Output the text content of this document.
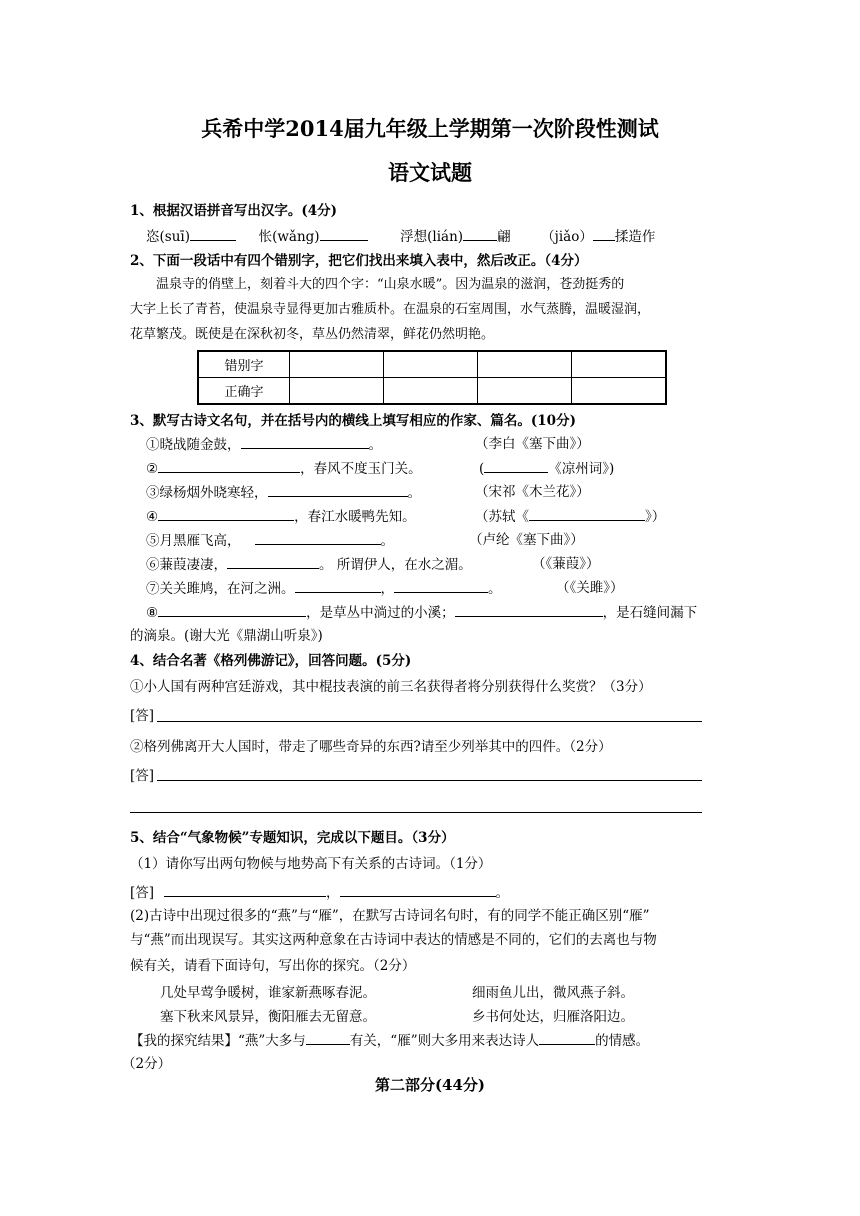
兵希中学2014届九年级上学期第一次阶段性测试
语文试题
1、根据汉语拼音写出汉字。(4分)
恣(suī)	怅(wǎng)	浮想(lián)	翩 （jiǎo） 揉造作
2、下面一段话中有四个错别字，把它们找出来填入表中，然后改正。（4分）
温泉寺的俏壁上，刻着斗大的四个字：“山泉水暖”。因为温泉的滋润，苍劲挺秀的
大字上长了青苔，使温泉寺显得更加古雅质朴。在温泉的石室周围，水气蒸腾，温暖湿润，
花草繁茂。既使是在深秋初冬，草丛仍然清翠，鲜花仍然明艳。
错别字				
正确字				
3、默写古诗文名句，并在括号内的横线上填写相应的作家、篇名。(10分)
①晓战随金鼓，	。	（李白《塞下曲》）
②	，春风不度玉门关。	(	《凉州词》)
③绿杨烟外晓寒轻，	。	（宋祁《木兰花》）
④	，春江水暖鸭先知。	（苏轼《	》）
⑤月黑雁飞高，	。	（卢纶《塞下曲》）
⑥蒹葭凄凄，	。 所谓伊人，在水之湄。	（《蒹葭》）
⑦关关雎鸠，在河之洲。	，	。	（《关雎》）
⑧	，是草丛中淌过的小溪；	，是石缝间漏下
的滴泉。(谢大光《鼎湖山听泉》)
4、结合名著《格列佛游记》，回答问题。(5分)
①小人国有两种宫廷游戏，其中棍技表演的前三名获得者将分别获得什么奖赏？（3分）
[答]
②格列佛离开大人国时，带走了哪些奇异的东西?请至少列举其中的四件。（2分）
[答]
5、结合“气象物候”专题知识，完成以下题目。（3分）
（1）请你写出两句物候与地势高下有关系的古诗词。（1分）
[答]	，	。
(2)古诗中出现过很多的“燕”与“雁”，在默写古诗词名句时，有的同学不能正确区别“雁”
与“燕”而出现误写。其实这两种意象在古诗词中表达的情感是不同的，它们的去离也与物
候有关，请看下面诗句，写出你的探究。（2分）
几处早莺争暖树，谁家新燕啄春泥。	细雨鱼儿出，微风燕子斜。
塞下秋来风景异，衡阳雁去无留意。	乡书何处达，归雁洛阳边。
【我的探究结果】“燕”大多与	有关，“雁”则大多用来表达诗人	的情感。
（2分）
第二部分(44分)
